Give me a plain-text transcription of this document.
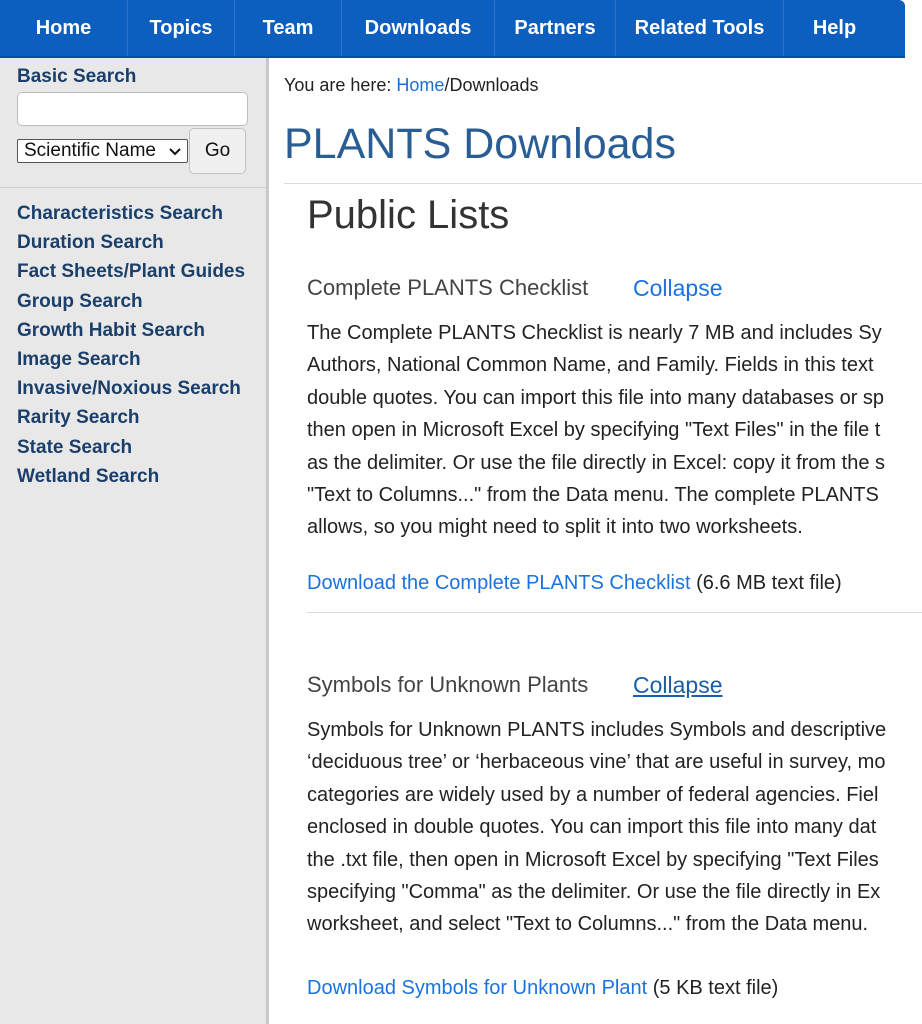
Home	Topics	Team	Downloads	Partners	Related Tools	Help
Basic Search
Scientific Name	Go
Characteristics Search
Duration Search
Fact Sheets/Plant Guides
Group Search
Growth Habit Search
Image Search
Invasive/Noxious Search
Rarity Search
State Search
Wetland Search
You are here: Home/Downloads
PLANTS Downloads
Public Lists
Complete PLANTS Checklist Collapse
The Complete PLANTS Checklist is nearly 7 MB and includes Sy
Authors, National Common Name, and Family. Fields in this text
double quotes. You can import this file into many databases or sp
then open in Microsoft Excel by specifying "Text Files" in the file t
as the delimiter. Or use the file directly in Excel: copy it from the s
"Text to Columns..." from the Data menu. The complete PLANTS
allows, so you might need to split it into two worksheets.
Download the Complete PLANTS Checklist (6.6 MB text file)
Symbols for Unknown Plants Collapse
Symbols for Unknown PLANTS includes Symbols and descriptive
‘deciduous tree’ or ‘herbaceous vine’ that are useful in survey, mo
categories are widely used by a number of federal agencies. Fiel
enclosed in double quotes. You can import this file into many dat
the .txt file, then open in Microsoft Excel by specifying "Text Files
specifying "Comma" as the delimiter. Or use the file directly in Ex
worksheet, and select "Text to Columns..." from the Data menu.
Download Symbols for Unknown Plant (5 KB text file)
